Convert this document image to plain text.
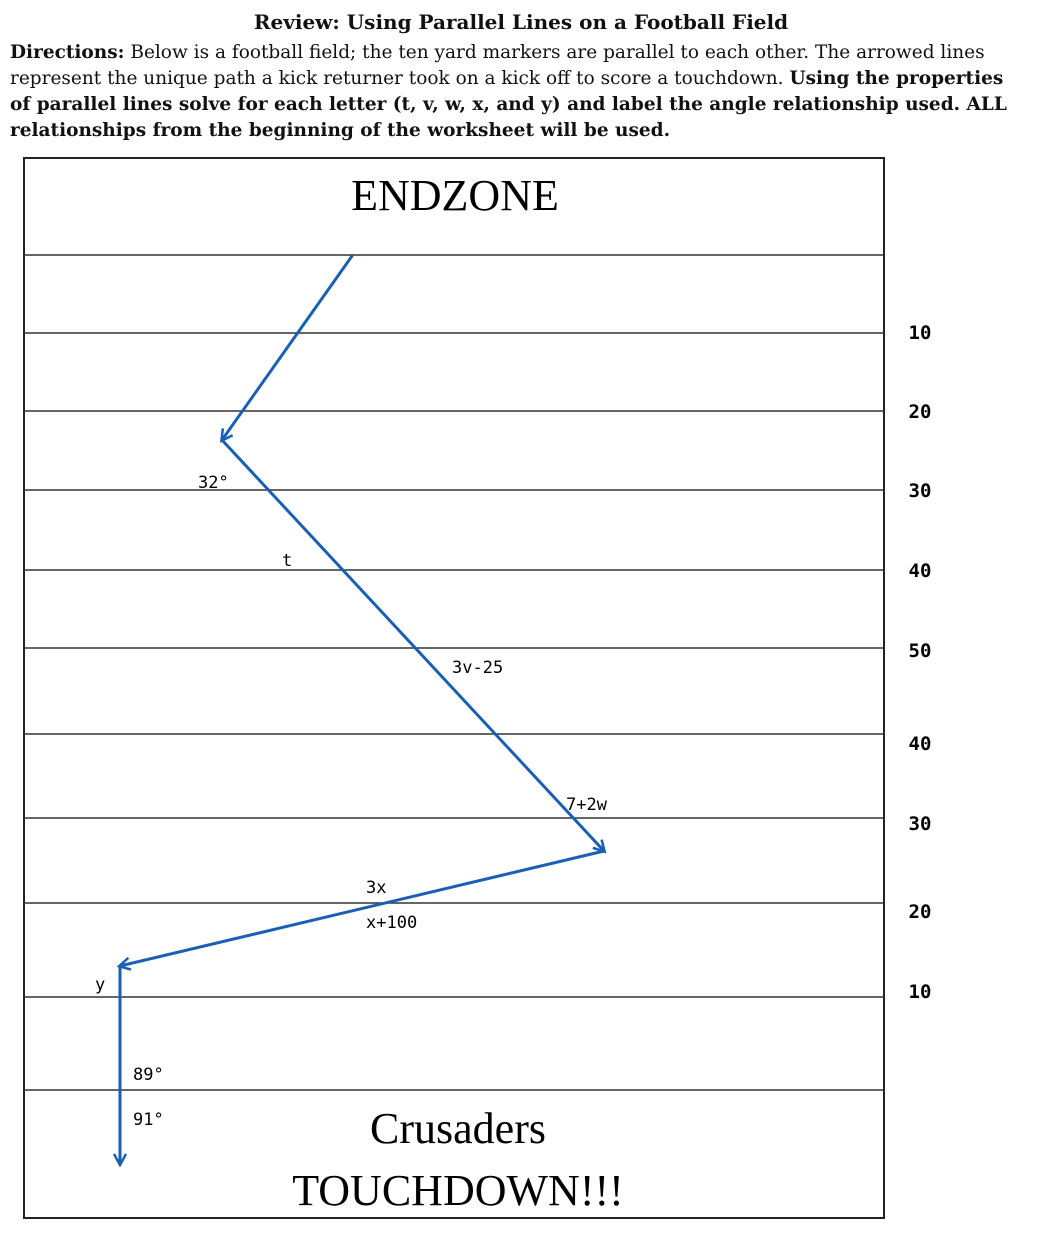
Review: Using Parallel Lines on a Football Field
Directions: Below is a football field; the ten yard markers are parallel to each other. The arrowed lines represent the unique path a kick returner took on a kick off to score a touchdown. Using the properties of parallel lines solve for each letter (t, v, w, x, and y) and label the angle relationship used. ALL relationships from the beginning of the worksheet will be used.
ENDZONE
Crusaders
TOUCHDOWN!!!
10
20
30
40
50
40
30
20
10
32°
t
3v-25
7+2w
3x
x+100
y
89°
91°
